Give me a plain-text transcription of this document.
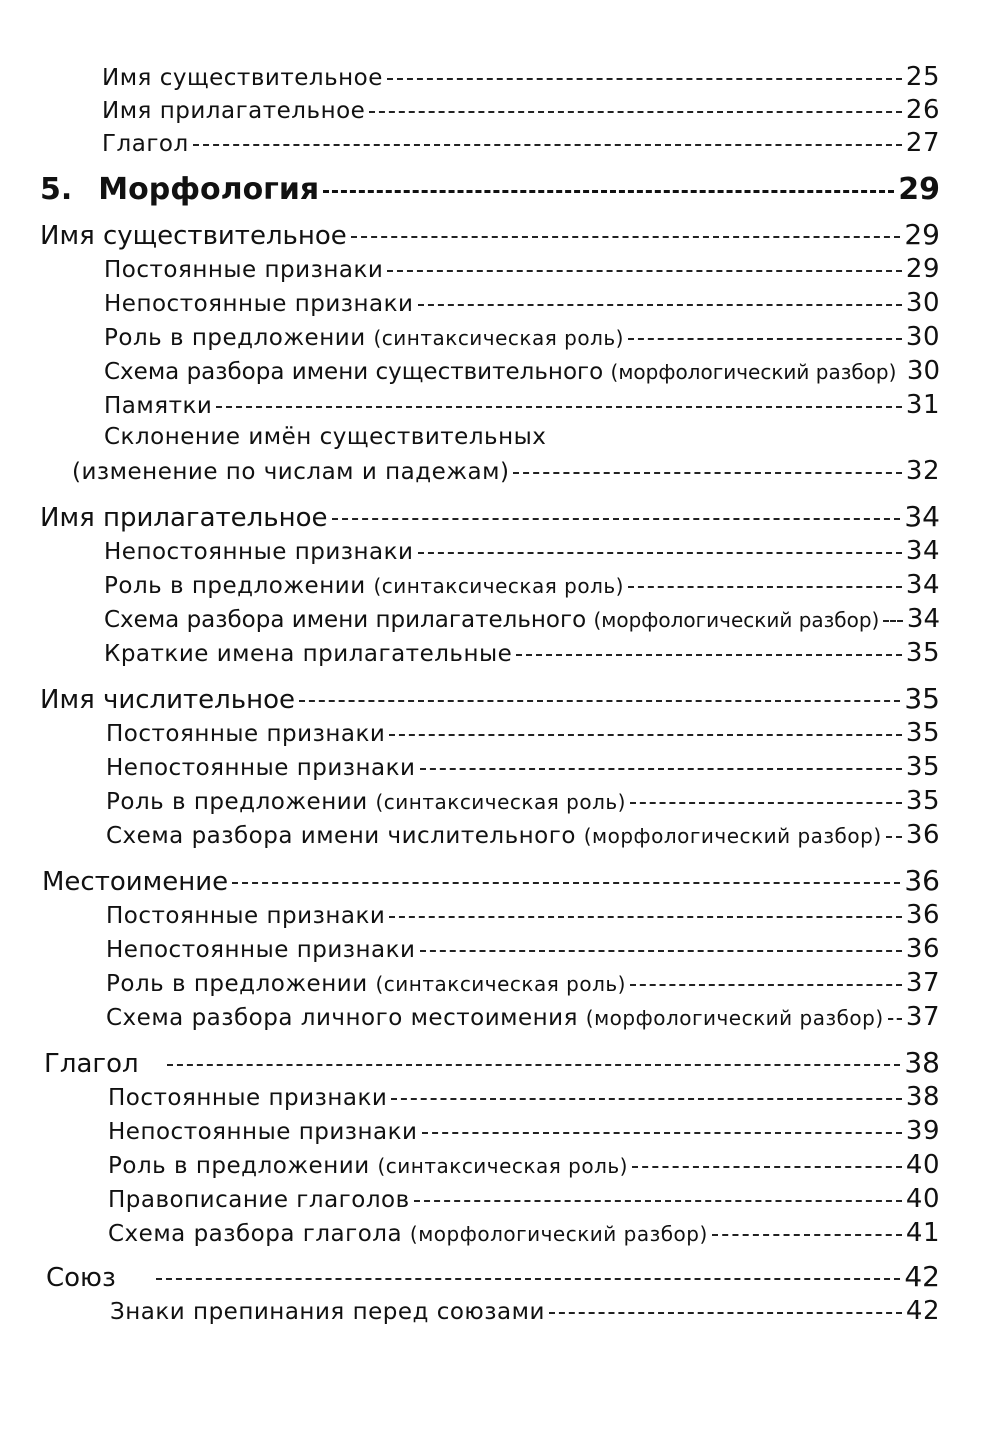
Имя существительное	25
Имя прилагательное	26
Глагол	27
5. Морфология	29
Имя существительное	29
Постоянные признаки	29
Непостоянные признаки	30
Роль в предложении (синтаксическая роль)	30
Схема разбора имени существительного (морфологический разбор) 30
Памятки	31
Склонение имён существительных
(изменение по числам и падежам)	32
Имя прилагательное	34
Непостоянные признаки	34
Роль в предложении (синтаксическая роль)	34
Схема разбора имени прилагательного (морфологический разбор) 34
Краткие имена прилагательные	35
Имя числительное	35
Постоянные признаки	35
Непостоянные признаки	35
Роль в предложении (синтаксическая роль)	35
Схема разбора имени числительного (морфологический разбор) 36
Местоимение	36
Постоянные признаки	36
Непостоянные признаки	36
Роль в предложении (синтаксическая роль)	37
Схема разбора личного местоимения (морфологический разбор) 37
Глагол	38
Постоянные признаки	38
Непостоянные признаки	39
Роль в предложении (синтаксическая роль)	40
Правописание глаголов	40
Схема разбора глагола (морфологический разбор)	41
Союз	42
Знаки препинания перед союзами	42
